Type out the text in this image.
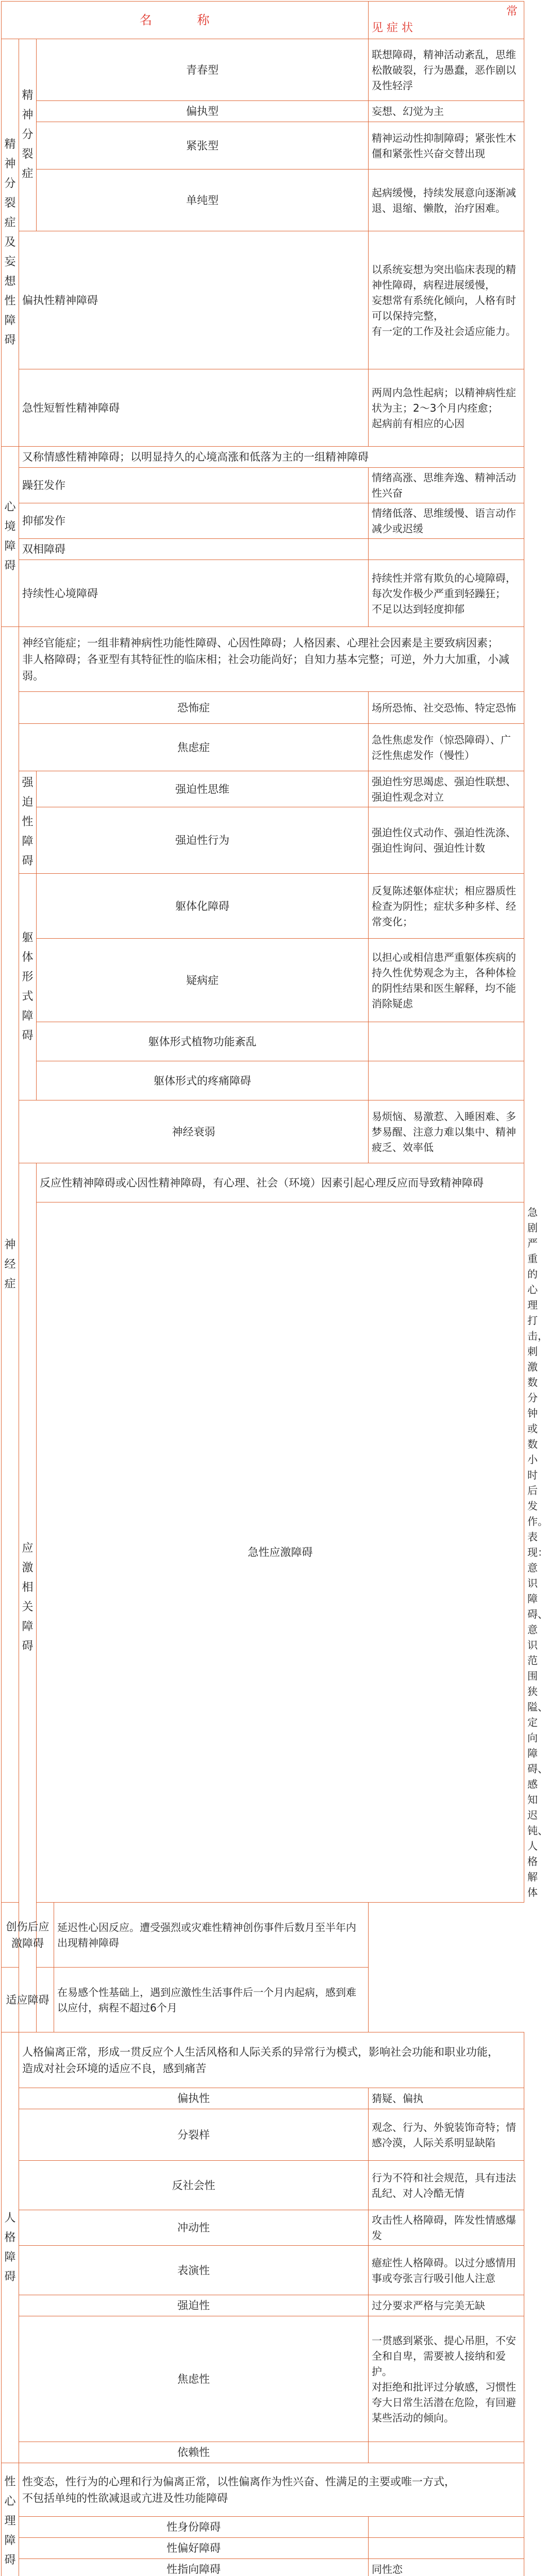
名 称				常
见 症 状	

精神分裂症及妄想性障碍	精神分裂症	青春型		联想障碍，精神活动紊乱，思维松散破裂，行为愚蠢，恶作剧以及性轻浮	
		偏执型		妄想、幻觉为主	
		紧张型		精神运动性抑制障碍；紧张性木僵和紧张性兴奋交替出现	
		单纯型		起病缓慢，持续发展意向逐渐减退、退缩、懒散，治疗困难。	
	偏执性精神障碍			以系统妄想为突出临床表现的精神性障碍，病程进展缓慢，
妄想常有系统化倾向，人格有时可以保持完整，
有一定的工作及社会适应能力。	
	急性短暂性精神障碍			两周内急性起病；以精神病性症状为主；2～3个月内痊愈；
起病前有相应的心因	
心境障碍	又称情感性精神障碍；以明显持久的心境高涨和低落为主的一组精神障碍				
	躁狂发作			情绪高涨、思维奔逸、精神活动性兴奋	
	抑郁发作			情绪低落、思维缓慢、语言动作减少或迟缓	
	双相障碍				
	持续性心境障碍			持续性并常有欺负的心境障碍，每次发作极少严重到轻躁狂；
不足以达到轻度抑郁	
神经症	神经官能症；一组非精神病性功能性障碍、心因性障碍；人格因素、心理社会因素是主要致病因素；
非人格障碍；各亚型有其特征性的临床相；社会功能尚好；自知力基本完整；可逆，外力大加重，小减弱。				
	恐怖症			场所恐怖、社交恐怖、特定恐怖	
	焦虑症			急性焦虑发作（惊恐障碍）、广泛性焦虑发作（慢性）	
	强迫性障碍	强迫性思维		强迫性穷思竭虑、强迫性联想、强迫性观念对立	
		强迫性行为		强迫性仪式动作、强迫性洗涤、强迫性询问、强迫性计数	
	躯体形式障碍	躯体化障碍		反复陈述躯体症状；相应器质性检查为阴性；症状多种多样、经常变化；	
		疑病症		以担心或相信患严重躯体疾病的持久性优势观念为主，各种体检的阴性结果和医生解释，均不能消除疑虑	
		躯体形式植物功能紊乱			
		躯体形式的疼痛障碍			
	神经衰弱			易烦恼、易激惹、入睡困难、多梦易醒、注意力难以集中、精神疲乏、效率低	
	应激相关障碍	反应性精神障碍或心因性精神障碍，有心理、社会（环境）因素引起心理反应而导致精神障碍			
		急性应激障碍			急剧严重的心理打击，刺激数分钟或数小时后发作。
表现：意识障碍、意识范围狭隘、定向障碍、感知迟钝、人格解体
创伤后应激障碍			延迟性心因反应。遭受强烈或灾难性精神创伤事件后数月至半年内出现精神障碍		
适应障碍			在易感个性基础上，遇到应激性生活事件后一个月内起病，感到难以应付，病程不超过6个月		
人格障碍	人格偏离正常，形成一贯反应个人生活风格和人际关系的异常行为模式，影响社会功能和职业功能，
造成对社会环境的适应不良，感到痛苦				
	偏执性			猜疑、偏执	
	分裂样			观念、行为、外貌装饰奇特；情感冷漠，人际关系明显缺陷	
	反社会性			行为不符和社会规范，具有违法乱纪、对人冷酷无情	
	冲动性			攻击性人格障碍，阵发性情感爆发	
	表演性			癔症性人格障碍。以过分感情用事或夸张言行吸引他人注意	
	强迫性			过分要求严格与完美无缺	
	焦虑性			一贯感到紧张、提心吊胆，不安全和自卑，需要被人接纳和爱护。
对拒绝和批评过分敏感，习惯性夸大日常生活潜在危险，有回避某些活动的倾向。	
	依赖性				
性心理障碍	性变态，性行为的心理和行为偏离正常，以性偏离作为性兴奋、性满足的主要或唯一方式，
不包括单纯的性欲减退或亢进及性功能障碍				
	性身份障碍				
	性偏好障碍				
	性指向障碍			同性恋	
